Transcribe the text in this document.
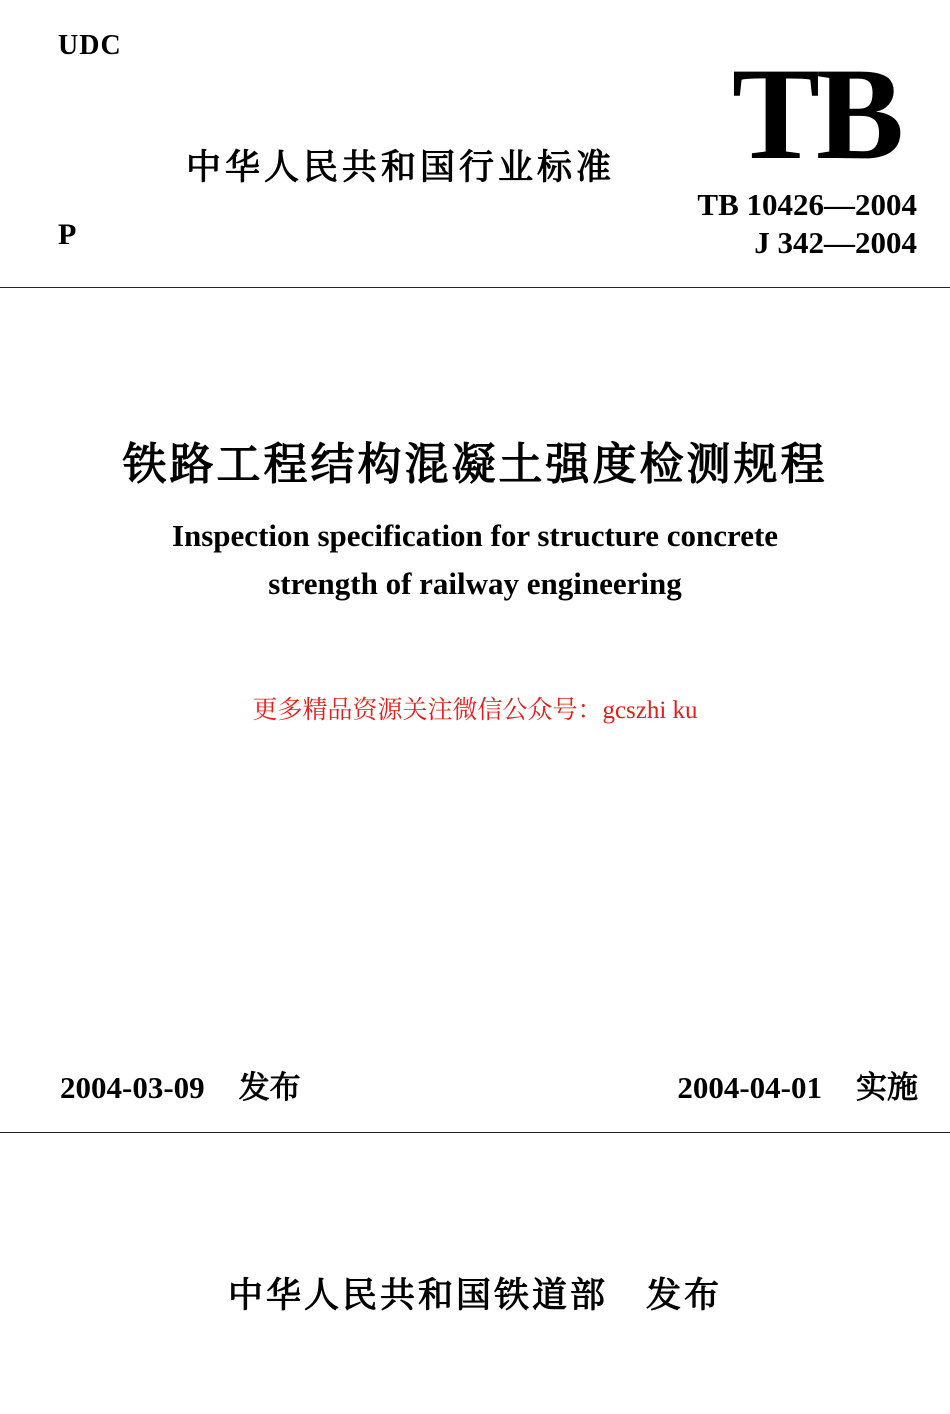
UDC
中华人民共和国行业标准 TB
P
TB 10426—2004
J 342—2004
铁路工程结构混凝土强度检测规程
Inspection specification for structure concrete
strength of railway engineering
更多精品资源关注微信公众号：gcszhi ku
2004-03-09 发布	2004-04-01 实施
中华人民共和国铁道部 发布
